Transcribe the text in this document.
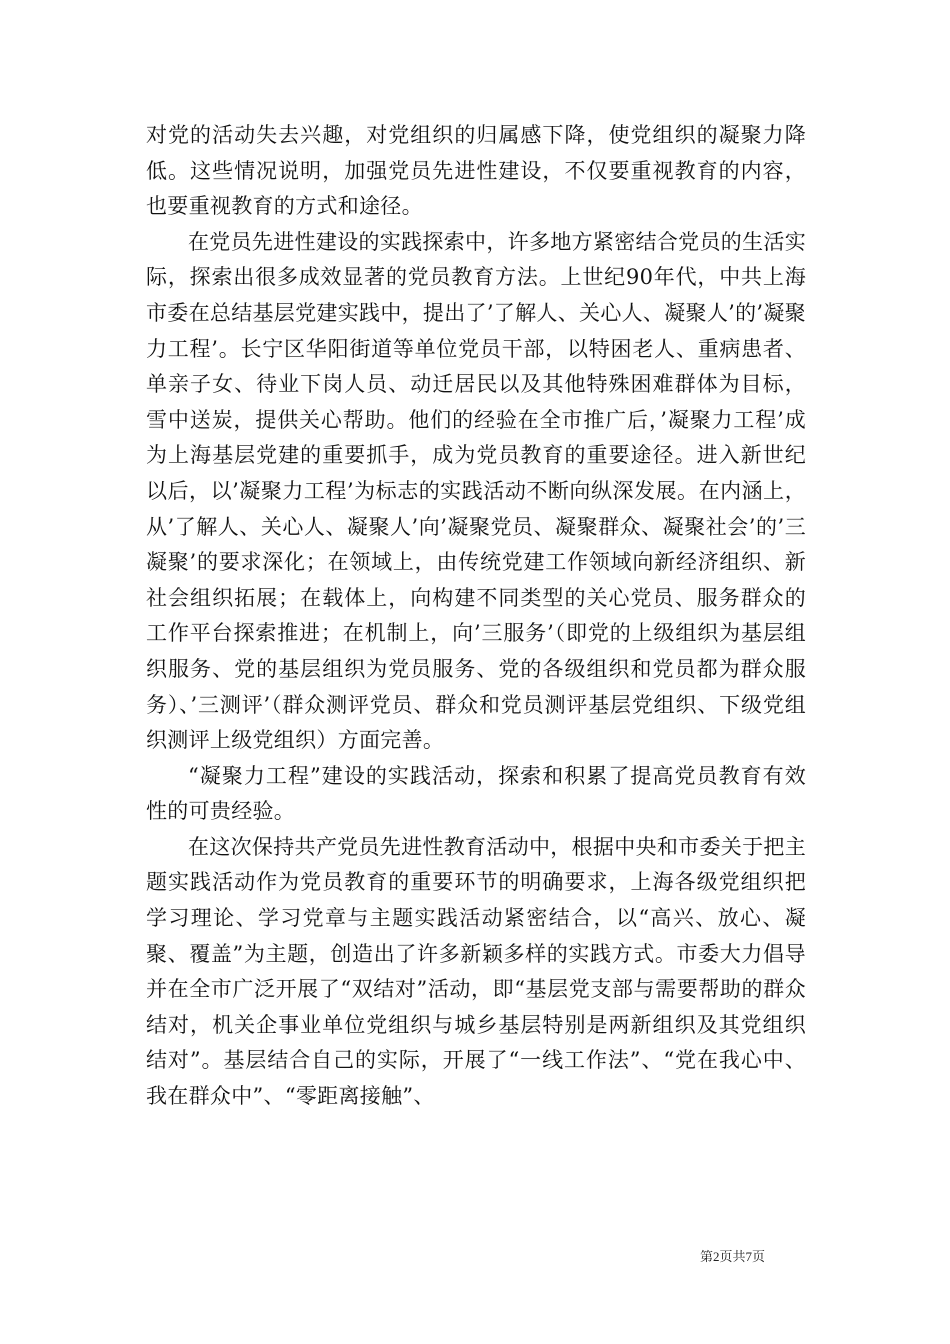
对党的活动失去兴趣，对党组织的归属感下降，使党组织的凝聚力降低。这些情况说明，加强党员先进性建设，不仅要重视教育的内容，也要重视教育的方式和途径。

在党员先进性建设的实践探索中，许多地方紧密结合党员的生活实际，探索出很多成效显著的党员教育方法。上世纪90年代，中共上海市委在总结基层党建实践中，提出了’了解人、关心人、凝聚人’的’凝聚力工程’。长宁区华阳街道等单位党员干部，以特困老人、重病患者、单亲子女、待业下岗人员、动迁居民以及其他特殊困难群体为目标，雪中送炭，提供关心帮助。他们的经验在全市推广后，’凝聚力工程’成为上海基层党建的重要抓手，成为党员教育的重要途径。进入新世纪以后，以’凝聚力工程’为标志的实践活动不断向纵深发展。在内涵上，从’了解人、关心人、凝聚人’向’凝聚党员、凝聚群众、凝聚社会’的’三凝聚’的要求深化；在领域上，由传统党建工作领域向新经济组织、新社会组织拓展；在载体上，向构建不同类型的关心党员、服务群众的工作平台探索推进；在机制上，向’三服务’（即党的上级组织为基层组织服务、党的基层组织为党员服务、党的各级组织和党员都为群众服务）、’三测评’（群众测评党员、群众和党员测评基层党组织、下级党组织测评上级党组织）方面完善。

“凝聚力工程”建设的实践活动，探索和积累了提高党员教育有效性的可贵经验。

在这次保持共产党员先进性教育活动中，根据中央和市委关于把主题实践活动作为党员教育的重要环节的明确要求，上海各级党组织把学习理论、学习党章与主题实践活动紧密结合，以“高兴、放心、凝聚、覆盖”为主题，创造出了许多新颖多样的实践方式。市委大力倡导并在全市广泛开展了“双结对”活动，即“基层党支部与需要帮助的群众结对，机关企事业单位党组织与城乡基层特别是两新组织及其党组织结对”。基层结合自己的实际，开展了“一线工作法”、“党在我心中、我在群众中”、“零距离接触”、

第2页共7页
